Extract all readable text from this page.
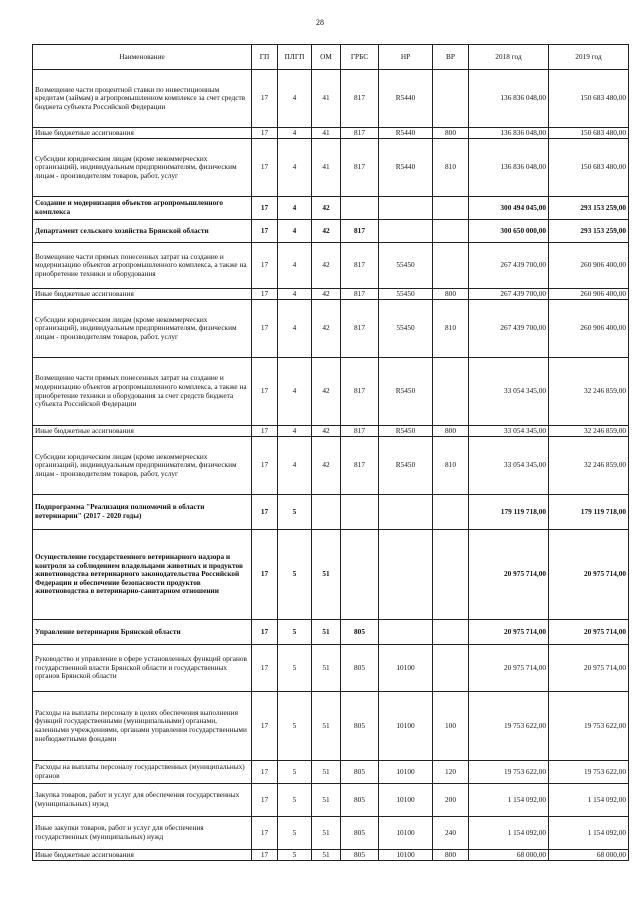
28
Наименование	ГП	ПЛГП	ОМ	ГРБС	НР	ВР	2018 год	2019 год
Возмещение части процентной ставки по инвестиционным кредитам (займам) в агропромышленном комплексе за счет средств бюджета субъекта Российской Федерации	17	4	41	817	R5440		136 836 048,00	150 683 480,00
Иные бюджетные ассигнования	17	4	41	817	R5440	800	136 836 048,00	150 683 480,00
Субсидии юридическим лицам (кроме некоммерческих организаций), индивидуальным предпринимателям, физическим лицам - производителям товаров, работ, услуг	17	4	41	817	R5440	810	136 836 048,00	150 683 480,00
Создание и модернизация объектов агропромышленного комплекса	17	4	42				300 494 045,00	293 153 259,00
Департамент сельского хозяйства Брянской области	17	4	42	817			300 650 000,00	293 153 259,00
Возмещение части прямых понесенных затрат на создание и модернизацию объектов агропромышленного комплекса, а также на приобретение техники и оборудования	17	4	42	817	55450		267 439 700,00	260 906 400,00
Иные бюджетные ассигнования	17	4	42	817	55450	800	267 439 700,00	260 906 400,00
Субсидии юридическим лицам (кроме некоммерческих организаций), индивидуальным предпринимателям, физическим лицам - производителям товаров, работ, услуг	17	4	42	817	55450	810	267 439 700,00	260 906 400,00
Возмещение части прямых понесенных затрат на создание и модернизацию объектов агропромышленного комплекса, а также на приобретение техники и оборудования за счет средств бюджета субъекта Российской Федерации	17	4	42	817	R5450		33 054 345,00	32 246 859,00
Иные бюджетные ассигнования	17	4	42	817	R5450	800	33 054 345,00	32 246 859,00
Субсидии юридическим лицам (кроме некоммерческих организаций), индивидуальным предпринимателям, физическим лицам - производителям товаров, работ, услуг	17	4	42	817	R5450	810	33 054 345,00	32 246 859,00
Подпрограмма "Реализация полномочий в области ветеринарии" (2017 - 2020 годы)	17	5					179 119 718,00	179 119 718,00
Осуществление государственного ветеринарного надзора и контроля за соблюдением владельцами животных и продуктов животноводства ветеринарного законодательства Российской Федерации и обеспечение безопасности продуктов животноводства в ветеринарно-санитарном отношении	17	5	51				20 975 714,00	20 975 714,00
Управление ветеринарии Брянской области	17	5	51	805			20 975 714,00	20 975 714,00
Руководство и управление в сфере установленных функций органов государственной власти Брянской области и государственных органов Брянской области	17	5	51	805	10100		20 975 714,00	20 975 714,00
Расходы на выплаты персоналу в целях обеспечения выполнения функций государственными (муниципальными) органами, казенными учреждениями, органами управления государственными внебюджетными фондами	17	5	51	805	10100	100	19 753 622,00	19 753 622,00
Расходы на выплаты персоналу государственных (муниципальных) органов	17	5	51	805	10100	120	19 753 622,00	19 753 622,00
Закупка товаров, работ и услуг для обеспечения государственных (муниципальных) нужд	17	5	51	805	10100	200	1 154 092,00	1 154 092,00
Иные закупки товаров, работ и услуг для обеспечения государственных (муниципальных) нужд	17	5	51	805	10100	240	1 154 092,00	1 154 092,00
Иные бюджетные ассигнования	17	5	51	805	10100	800	68 000,00	68 000,00
